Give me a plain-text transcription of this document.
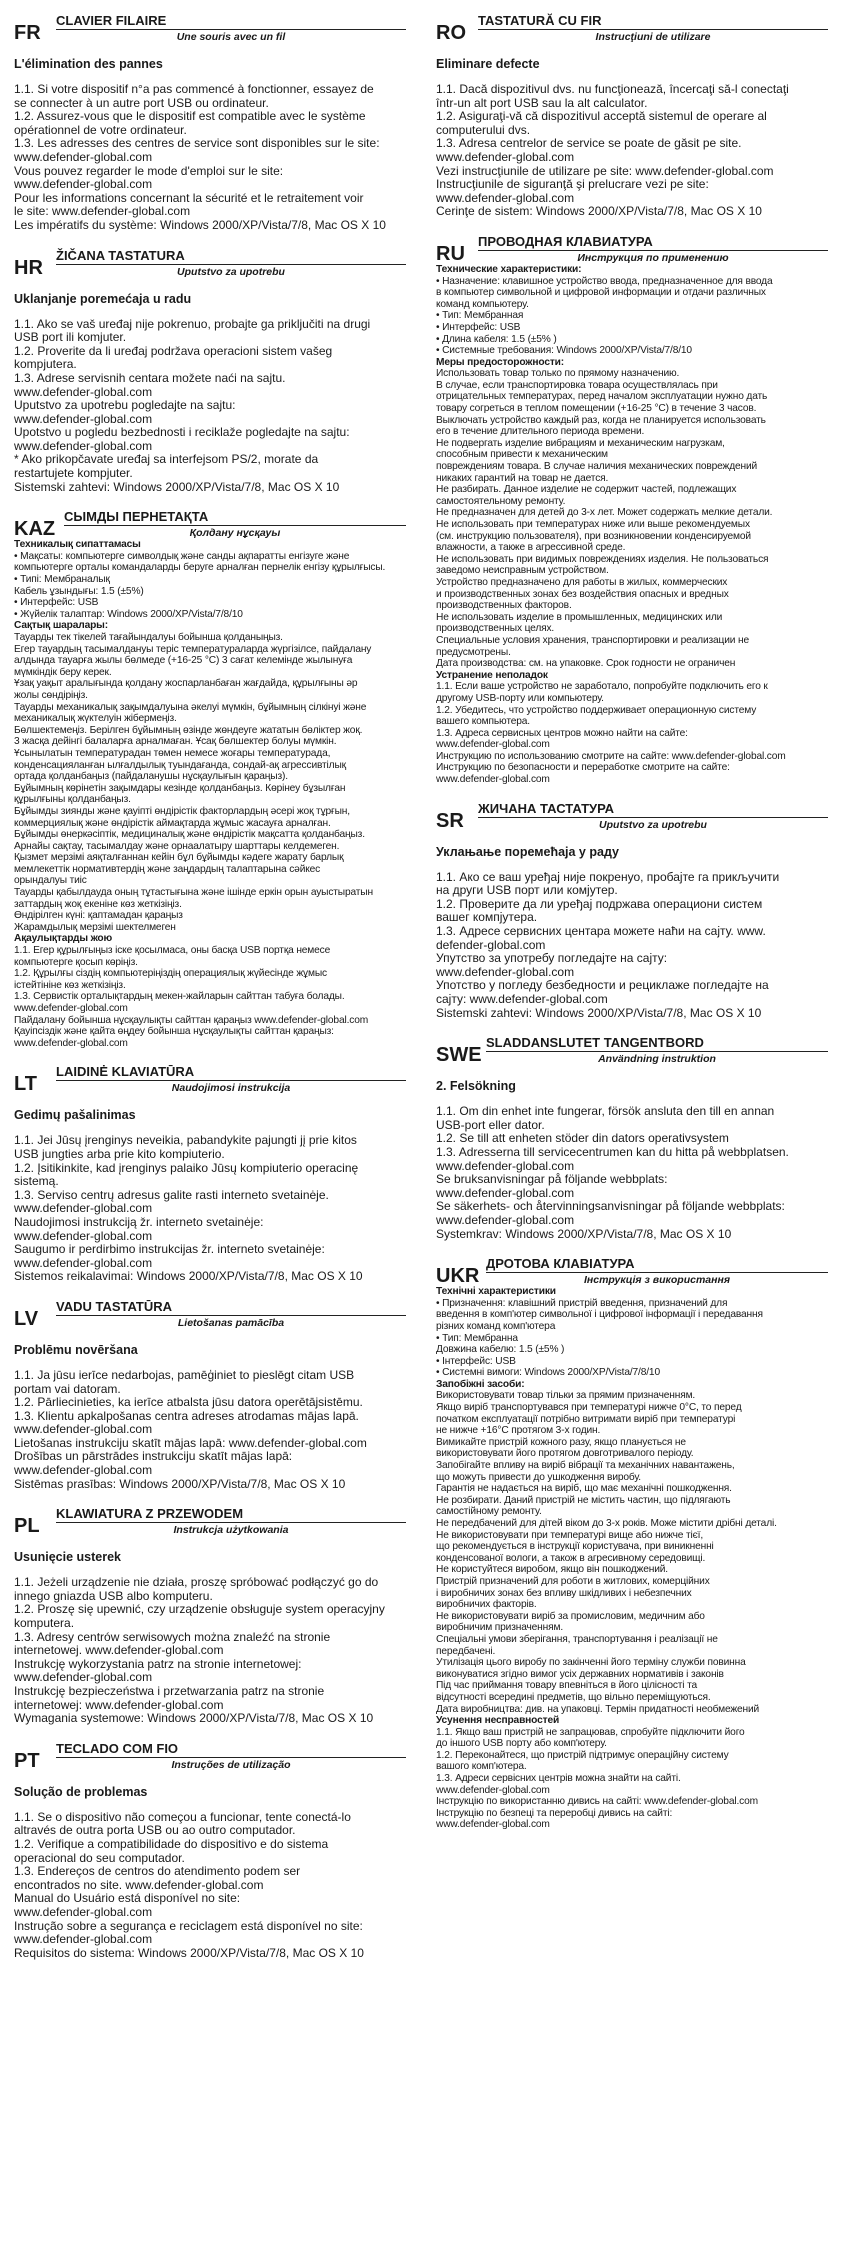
FR
CLAVIER FILAIRE
Une souris avec un fil
L'élimination des pannes
1.1. Si votre dispositif n°a pas commencé à fonctionner, essayez de
se connecter à un autre port USB ou ordinateur.
1.2. Assurez-vous que le dispositif est compatible avec le système
opérationnel de votre ordinateur.
1.3. Les adresses des centres de service sont disponibles sur le site:
www.defender-global.com
Vous pouvez regarder le mode d'emploi sur le site:
www.defender-global.com
Pour les informations concernant la sécurité et le retraitement voir
le site: www.defender-global.com
Les impératifs du système: Windows 2000/XP/Vista/7/8, Mac OS X 10
HR
ŽIČANA TASTATURA
Uputstvo za upotrebu
Uklanjanje poremećaja u radu
1.1. Ako se vaš uređaj nije pokrenuo, probajte ga priključiti na drugi
USB port ili komjuter.
1.2. Proverite da li uređaj podržava operacioni sistem vašeg
kompjutera.
1.3. Adrese servisnih centara možete naći na sajtu.
www.defender-global.com
Uputstvo za upotrebu pogledajte na sajtu:
www.defender-global.com
Upotstvo u pogledu bezbednosti i reciklaže pogledajte na sajtu:
www.defender-global.com
* Ako prikopčavate uređaj sa interfejsom PS/2, morate da
restartujete kompjuter.
Sistemski zahtevi: Windows 2000/XP/Vista/7/8, Mac OS X 10
KAZ
СЫМДЫ ПЕРНЕТАҚТА
Қолдану нұсқауы
Техникалық сипаттамасы
• Мақсаты: компьютерге символдық және санды ақпаратты енгізуге және
компьютерге орталы командаларды беруге арналған пернелік енгізу құрылғысы.
• Типі: Мембраналық
Кабель ұзындығы: 1.5 (±5%)
• Интерфейс: USB
• Жүйелік талаптар: Windows 2000/XP/Vista/7/8/10
Сақтық шаралары:
Тауарды тек тікелей тағайындалуы бойынша қолданыңыз.
Егер тауардың тасымалдануы теріс температураларда жүргізілсе, пайдалану
алдында тауарға жылы бөлмеде (+16-25 °С) 3 сағат келемінде жылынуға
мүмкіндік беру керек.
Ұзақ уақыт аралығында қолдану жоспарланбаған жағдайда, құрылғыны әр
жолы сөндіріңіз.
Тауарды механикалық зақымдалуына әкелуі мүмкін, бұйымның сілкінуі және
механикалық жүктелуін жібермеңіз.
Бөлшектемеңіз. Берілген бұйымның өзінде жөндеуге жататын бөліктер жоқ.
3 жасқа дейінгі балаларға арналмаған. Ұсақ бөлшектер болуы мүмкін.
Ұсынылатын температурадан төмен немесе жоғары температурада,
конденсацияланған ылғалдылық туындағанда, сондай-ақ агрессивтілық
ортада қолданбаңыз (пайдаланушы нұсқаулығын қараңыз).
Бұйымның көрінетін зақымдары кезінде қолданбаңыз. Көрінеу бұзылған
құрылғыны қолданбаңыз.
Бұйымды зиянды және қауіпті өндірістік факторлардың әсері жоқ тұрғын,
коммерциялық және өндірістік аймақтарда жұмыс жасауға арналған.
Бұйымды өнеркәсіптік, медициналық және өндірістік мақсатта қолданбаңыз.
Арнайы сақтау, тасымалдау және орнаалатыру шарттары келдемеген.
Қызмет мерзімі аяқталғаннан кейін бұл бұйымды кәдеге жарату барлық
мемлекеттік нормативтердің және заңдардың талаптарына сәйкес
орындалуы тиіс
Тауарды қабылдауда оның тұтастығына және ішінде еркін орын ауыстыратын
заттардың жоқ екеніне көз жеткізіңіз.
Өндірілген күні: қаптамадан қараңыз
Жарамдылық мерзімі шектелмеген
Ақаулықтарды жою
1.1. Егер құрылғыңыз іске қосылмаса, оны басқа USB портқа немесе
компьютерге қосып көріңіз.
1.2. Құрылғы сіздің компьютеріңіздің операциялық жүйесінде жұмыс
істейтініне көз жеткізіңіз.
1.3. Сервистік орталықтардың мекен-жайларын сайттан табуға болады.
www.defender-global.com
Пайдалану бойынша нұсқаулықты сайттан қараңыз www.defender-global.com
Қауіпсіздік және қайта өңдеу бойынша нұсқаулықты сайттан қараңыз:
www.defender-global.com
LT
LAIDINĖ KLAVIATŪRA
Naudojimosi instrukcija
Gedimų pašalinimas
1.1. Jei Jūsų įrenginys neveikia, pabandykite pajungti jį prie kitos
USB jungties arba prie kito kompiuterio.
1.2. Įsitikinkite, kad įrenginys palaiko Jūsų kompiuterio operacinę
sistemą.
1.3. Serviso centrų adresus galite rasti interneto svetainėje.
www.defender-global.com
Naudojimosi instrukciją žr. interneto svetainėje:
www.defender-global.com
Saugumo ir perdirbimo instrukcijas žr. interneto svetainėje:
www.defender-global.com
Sistemos reikalavimai: Windows 2000/XP/Vista/7/8, Mac OS X 10
LV
VADU TASTATŪRA
Lietošanas pamācība
Problēmu novēršana
1.1. Ja jūsu ierīce nedarbojas, pamēģiniet to pieslēgt citam USB
portam vai datoram.
1.2. Pārliecinieties, ka ierīce atbalsta jūsu datora operētājsistēmu.
1.3. Klientu apkalpošanas centra adreses atrodamas mājas lapā.
www.defender-global.com
Lietošanas instrukciju skatīt mājas lapā: www.defender-global.com
Drošības un pārstrādes instrukciju skatīt mājas lapā:
www.defender-global.com
Sistēmas prasības: Windows 2000/XP/Vista/7/8, Mac OS X 10
PL
KLAWIATURA Z PRZEWODEM
Instrukcja użytkowania
Usunięcie usterek
1.1. Jeżeli urządzenie nie działa, proszę spróbować podłączyć go do
innego gniazda USB albo komputeru.
1.2. Proszę się upewnić, czy urządzenie obsługuje system operacyjny
komputera.
1.3. Adresy centrów serwisowych można znaleźć na stronie
internetowej. www.defender-global.com
Instrukcję wykorzystania patrz na stronie internetowej:
www.defender-global.com
Instrukcję bezpieczeństwa i przetwarzania patrz na stronie
internetowej: www.defender-global.com
Wymagania systemowe: Windows 2000/XP/Vista/7/8, Mac OS X 10
PT
TECLADO COM FIO
Instruções de utilização
Solução de problemas
1.1. Se o dispositivo não começou a funcionar, tente conectá-lo
altravés de outra porta USB ou ao outro computador.
1.2. Verifique a compatibilidade do dispositivo e do sistema
operacional do seu computador.
1.3. Endereços de centros do atendimento podem ser
encontrados no site. www.defender-global.com
Manual do Usuário está disponível no site:
www.defender-global.com
Instrução sobre a segurança e reciclagem está disponível no site:
www.defender-global.com
Requisitos do sistema: Windows 2000/XP/Vista/7/8, Mac OS X 10
RO
TASTATURĂ CU FIR
Instrucţiuni de utilizare
Eliminare defecte
1.1. Dacă dispozitivul dvs. nu funcţionează, încercaţi să-l conectaţi
într-un alt port USB sau la alt calculator.
1.2. Asiguraţi-vă că dispozitivul acceptă sistemul de operare al
computerului dvs.
1.3. Adresa centrelor de service se poate de găsit pe site.
www.defender-global.com
Vezi instrucţiunile de utilizare pe site: www.defender-global.com
Instrucţiunile de siguranţă şi prelucrare vezi pe site:
www.defender-global.com
Cerinţe de sistem: Windows 2000/XP/Vista/7/8, Mac OS X 10
RU
ПРОВОДНАЯ КЛАВИАТУРА
Инструкция по применению
Технические характеристики:
• Назначение: клавишное устройство ввода, предназначенное для ввода
в компьютер символьной и цифровой информации и отдачи различных
команд компьютеру.
• Тип: Мембранная
• Интерфейс: USB
• Длина кабеля: 1.5 (±5% )
• Системные требования: Windows 2000/XP/Vista/7/8/10
Меры предосторожности:
Использовать товар только по прямому назначению.
В случае, если транспортировка товара осуществлялась при
отрицательных температурах, перед началом эксплуатации нужно дать
товару согреться в теплом помещении (+16-25 °С) в течение 3 часов.
Выключать устройство каждый раз, когда не планируется использовать
его в течение длительного периода времени.
Не подвергать изделие вибрациям и механическим нагрузкам,
способным привести к механическим
повреждениям товара. В случае наличия механических повреждений
никаких гарантий на товар не дается.
Не разбирать. Данное изделие не содержит частей, подлежащих
самостоятельному ремонту.
Не предназначен для детей до 3-х лет. Может содержать мелкие детали.
Не использовать при температурах ниже или выше рекомендуемых
(см. инструкцию пользователя), при возникновении конденсируемой
влажности, а также в агрессивной среде.
Не использовать при видимых повреждениях изделия. Не пользоваться
заведомо неисправным устройством.
Устройство предназначено для работы в жилых, коммерческих
и производственных зонах без воздействия опасных и вредных
производственных факторов.
Не использовать изделие в промышленных, медицинских или
производственных целях.
Специальные условия хранения, транспортировки и реализации не
предусмотрены.
Дата производства: см. на упаковке. Срок годности не ограничен
Устранение неполадок
1.1. Если ваше устройство не заработало, попробуйте подключить его к
другому USB-порту или компьютеру.
1.2. Убедитесь, что устройство поддерживает операционную систему
вашего компьютера.
1.3. Адреса сервисных центров можно найти на сайте:
www.defender-global.com
Инструкцию по использованию смотрите на сайте: www.defender-global.com
Инструкцию по безопасности и переработке смотрите на сайте:
www.defender-global.com
SR
ЖИЧАНА ТАСТАТУРА
Uputstvo za upotrebu
Уклањање поремећаја у раду
1.1. Ако се ваш уређај није покренуо, пробајте га прикључити
на други USB порт или комјутер.
1.2. Проверите да ли уређај подржава оперaциони систем
вашег компјутера.
1.3. Адресе сервисних центара можете наћи на сајту. www.
defender-global.com
Упутство за употребу погледајте на сајту:
www.defender-global.com
Употство у погледу безбедности и рециклаже погледајте на
сајту: www.defender-global.com
Sistemski zahtevi: Windows 2000/XP/Vista/7/8, Mac OS X 10
SWE
SLADDANSLUTET TANGENTBORD
Användning instruktion
2. Felsökning
1.1. Om din enhet inte fungerar, försök ansluta den till en annan
USB-port eller dator.
1.2. Se till att enheten stöder din dators operativsystem
1.3. Adresserna till servicecentrumen kan du hitta på webbplatsen.
www.defender-global.com
Se bruksanvisningar på följande webbplats:
www.defender-global.com
Se säkerhets- och återvinningsanvisningar på följande webbplats:
www.defender-global.com
Systemkrav: Windows 2000/XP/Vista/7/8, Mac OS X 10
UKR
ДРОТОВА КЛАВІАТУРА
Інструкція з використання
Технічні характеристики
• Призначення: клавішний пристрій введення, призначений для
введення в комп'ютер символьної і цифрової інформації і передавання
різних команд комп'ютера
• Тип: Мембранна
Довжина кабелю: 1.5 (±5% )
• Інтерфейс: USB
• Системні вимоги: Windows 2000/XP/Vista/7/8/10
Запобіжні засоби:
Використовувати товар тільки за прямим призначенням.
Якщо виріб транспортувався при температурі нижче 0°C, то перед
початком експлуатації потрібно витримати виріб при температурі
не нижче +16°С протягом 3-х годин.
Вимикайте пристрій кожного разу, якщо плануєтьcя не
використовувати його протягом довготривалого періоду.
Запобігайте впливу на виріб вібрації та механічних навантажень,
що можуть привести до ушкодження виробу.
Гарантія не надається на виріб, що має механічні пошкодження.
Не розбирати. Даний пристрій не містить частин, що підлягають
самостійному ремонту.
Не передбачений для дітей віком до 3-х років. Може містити дрібні деталі.
Не використовувати при температурі вище або нижче тієї,
що рекомендується в інструкції користувача, при виникненні
конденсованої вологи, а також в агресивному середовищі.
Не користуйтеся виробом, якщо він пошкоджений.
Пристрій призначений для роботи в житлових, комерційних
і виробничих зонах без впливу шкідливих і небезпечних
виробничих факторів.
Не використовувати виріб за промисловим, медичним або
виробничим призначенням.
Спеціальні умови зберігання, транспортування і реалізації не
передбачені.
Утилізація цього виробу по закінченні його терміну служби повинна
виконуватися згідно вимог усіх державних нормативів і законів
Під час приймання товару впевніться в його цілісності та
відсутності всередині предметів, що вільно переміщуються.
Дата виробництва: див. на упаковці. Термін придатності необмежений
Усунення несправностей
1.1. Якщо ваш пристрій не запрацював, спробуйте підключити його
до іншого USB порту або комп'ютеру.
1.2. Переконайтеся, що пристрій підтримує операційну систему
вашого комп'ютера.
1.3. Адреси сервісних центрів можна знайти на сайті.
www.defender-global.com
Інструкцію по використанню дивись на сайті: www.defender-global.com
Інструкцію по безпеці та переробці дивись на сайті:
www.defender-global.com
